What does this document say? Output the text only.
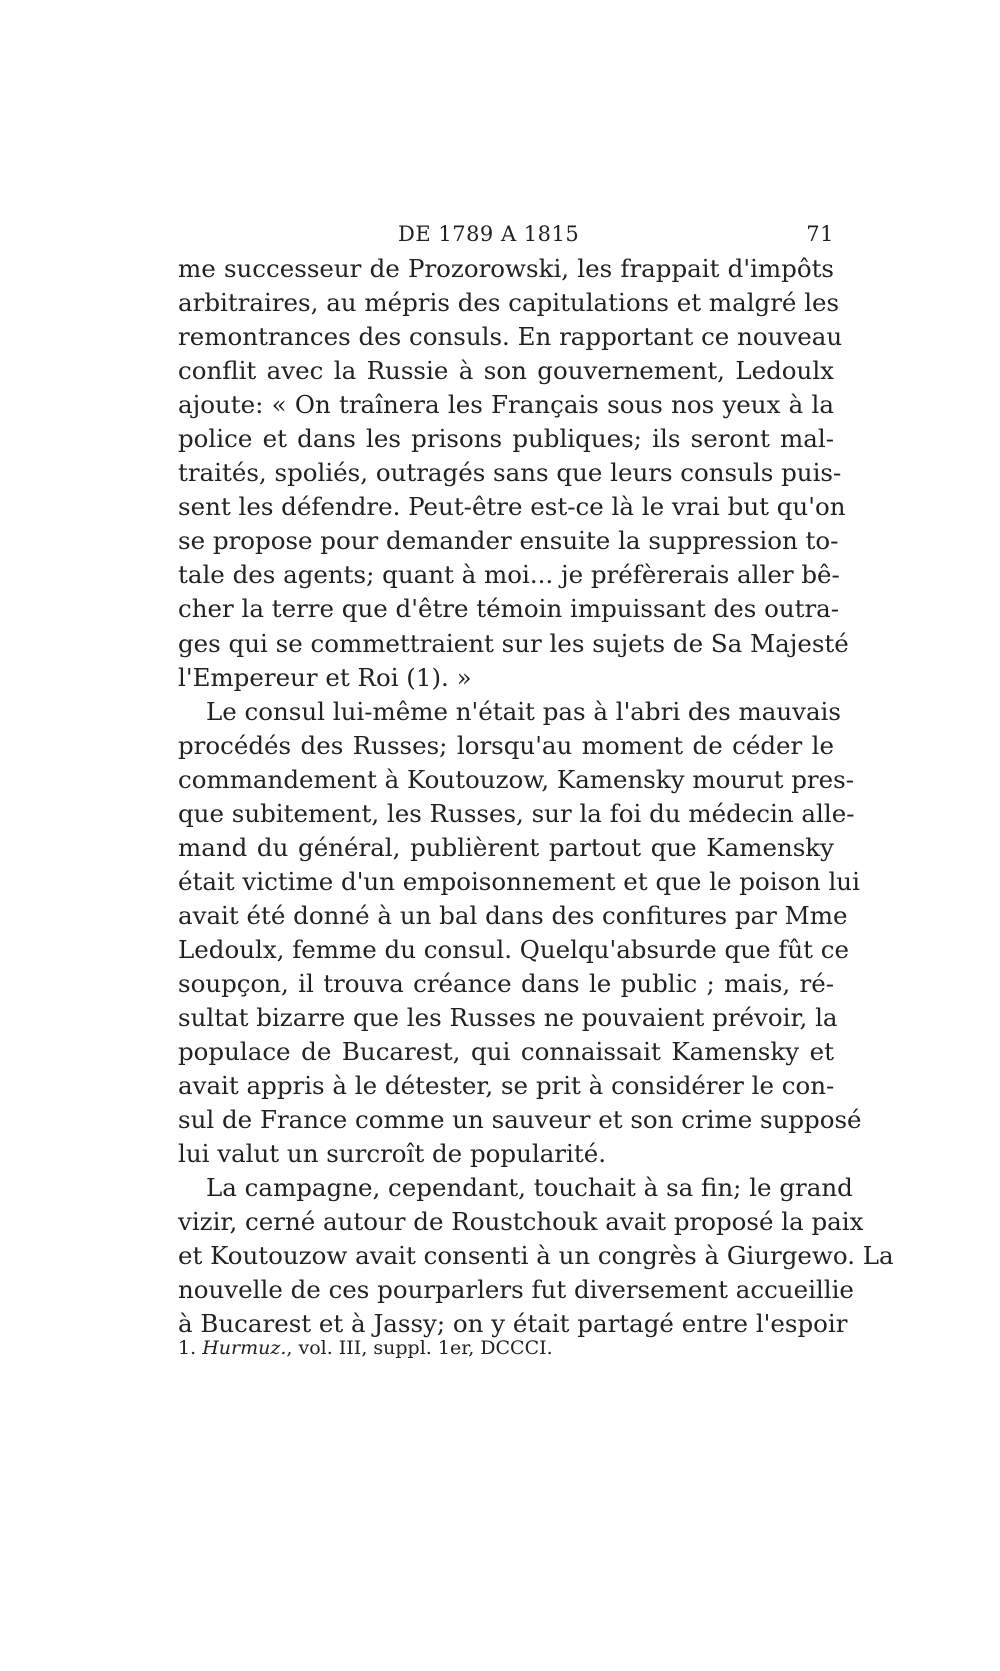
DE 1789 A 1815	71
me successeur de Prozorowski, les frappait d'impôts
arbitraires, au mépris des capitulations et malgré les
remontrances des consuls. En rapportant ce nouveau
conflit avec la Russie à son gouvernement, Ledoulx
ajoute: « On traînera les Français sous nos yeux à la
police et dans les prisons publiques; ils seront mal-
traités, spoliés, outragés sans que leurs consuls puis-
sent les défendre. Peut-être est-ce là le vrai but qu'on
se propose pour demander ensuite la suppression to-
tale des agents; quant à moi... je préfèrerais aller bê-
cher la terre que d'être témoin impuissant des outra-
ges qui se commettraient sur les sujets de Sa Majesté
l'Empereur et Roi (1). »
Le consul lui-même n'était pas à l'abri des mauvais
procédés des Russes; lorsqu'au moment de céder le
commandement à Koutouzow, Kamensky mourut pres-
que subitement, les Russes, sur la foi du médecin alle-
mand du général, publièrent partout que Kamensky
était victime d'un empoisonnement et que le poison lui
avait été donné à un bal dans des confitures par Mme
Ledoulx, femme du consul. Quelqu'absurde que fût ce
soupçon, il trouva créance dans le public ; mais, ré-
sultat bizarre que les Russes ne pouvaient prévoir, la
populace de Bucarest, qui connaissait Kamensky et
avait appris à le détester, se prit à considérer le con-
sul de France comme un sauveur et son crime supposé
lui valut un surcroît de popularité.
La campagne, cependant, touchait à sa fin; le grand
vizir, cerné autour de Roustchouk avait proposé la paix
et Koutouzow avait consenti à un congrès à Giurgewo. La
nouvelle de ces pourparlers fut diversement accueillie
à Bucarest et à Jassy; on y était partagé entre l'espoir
1. Hurmuz., vol. III, suppl. 1er, DCCCI.
